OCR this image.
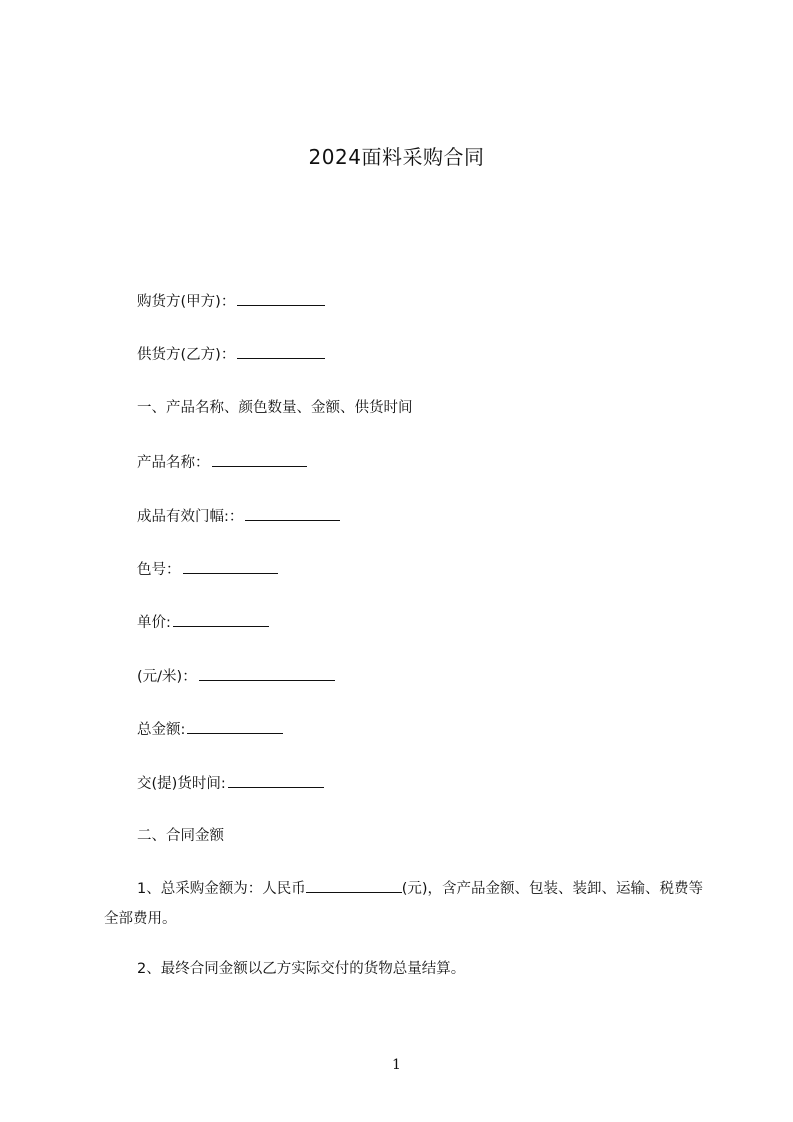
2024面料采购合同
购货方(甲方)：
供货方(乙方)：
一、产品名称、颜色数量、金额、供货时间
产品名称：
成品有效门幅:：
色号：
单价:
(元/米)：
总金额:
交(提)货时间:
二、合同金额
1、总采购金额为：人民币	(元)，含产品金额、包装、装卸、运输、税费等全部费用。
2、最终合同金额以乙方实际交付的货物总量结算。
1
